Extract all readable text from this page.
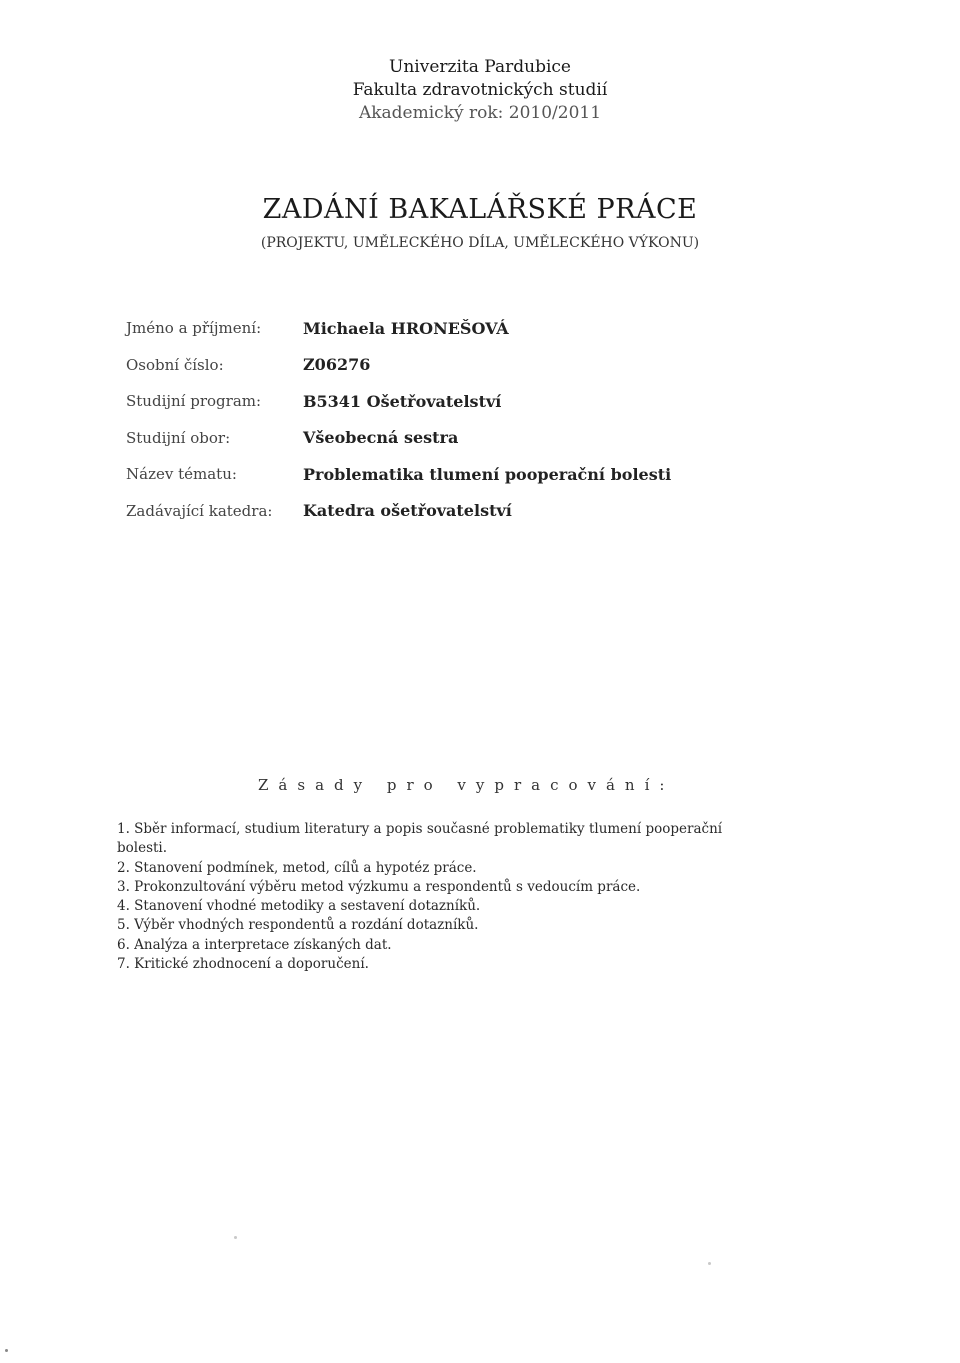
Univerzita Pardubice
Fakulta zdravotnických studií
Akademický rok: 2010/2011
ZADÁNÍ BAKALÁŘSKÉ PRÁCE
(PROJEKTU, UMĚLECKÉHO DÍLA, UMĚLECKÉHO VÝKONU)
Jméno a příjmení:	Michaela HRONEŠOVÁ
Osobní číslo:	Z06276
Studijní program:	B5341 Ošetřovatelství
Studijní obor:	Všeobecná sestra
Název tématu:	Problematika tlumení pooperační bolesti
Zadávající katedra:	Katedra ošetřovatelství
Zásady pro vypracování:
1. Sběr informací, studium literatury a popis současné problematiky tlumení pooperační
bolesti.
2. Stanovení podmínek, metod, cílů a hypotéz práce.
3. Prokonzultování výběru metod výzkumu a respondentů s vedoucím práce.
4. Stanovení vhodné metodiky a sestavení dotazníků.
5. Výběr vhodných respondentů a rozdání dotazníků.
6. Analýza a interpretace získaných dat.
7. Kritické zhodnocení a doporučení.
